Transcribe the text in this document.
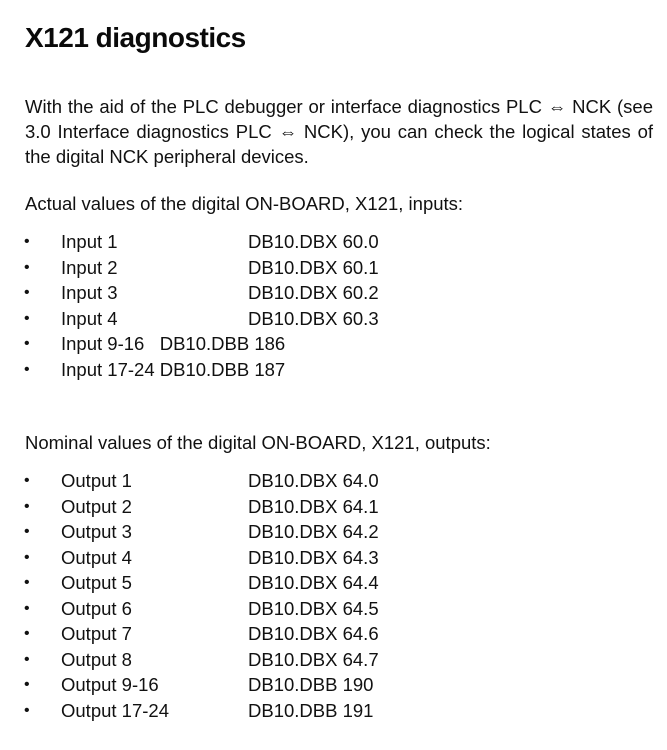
X121 diagnostics

With the aid of the PLC debugger or interface diagnostics PLC ⇔ NCK (see 3.0 Interface diagnostics PLC ⇔ NCK), you can check the logical states of the digital NCK peripheral devices.

Actual values of the digital ON-BOARD, X121, inputs:

• Input 1	DB10.DBX 60.0
• Input 2	DB10.DBX 60.1
• Input 3	DB10.DBX 60.2
• Input 4	DB10.DBX 60.3
• Input 9-16   DB10.DBB 186
• Input 17-24 DB10.DBB 187

Nominal values of the digital ON-BOARD, X121, outputs:

• Output 1	DB10.DBX 64.0
• Output 2	DB10.DBX 64.1
• Output 3	DB10.DBX 64.2
• Output 4	DB10.DBX 64.3
• Output 5	DB10.DBX 64.4
• Output 6	DB10.DBX 64.5
• Output 7	DB10.DBX 64.6
• Output 8	DB10.DBX 64.7
• Output 9-16	DB10.DBB 190
• Output 17-24	DB10.DBB 191
